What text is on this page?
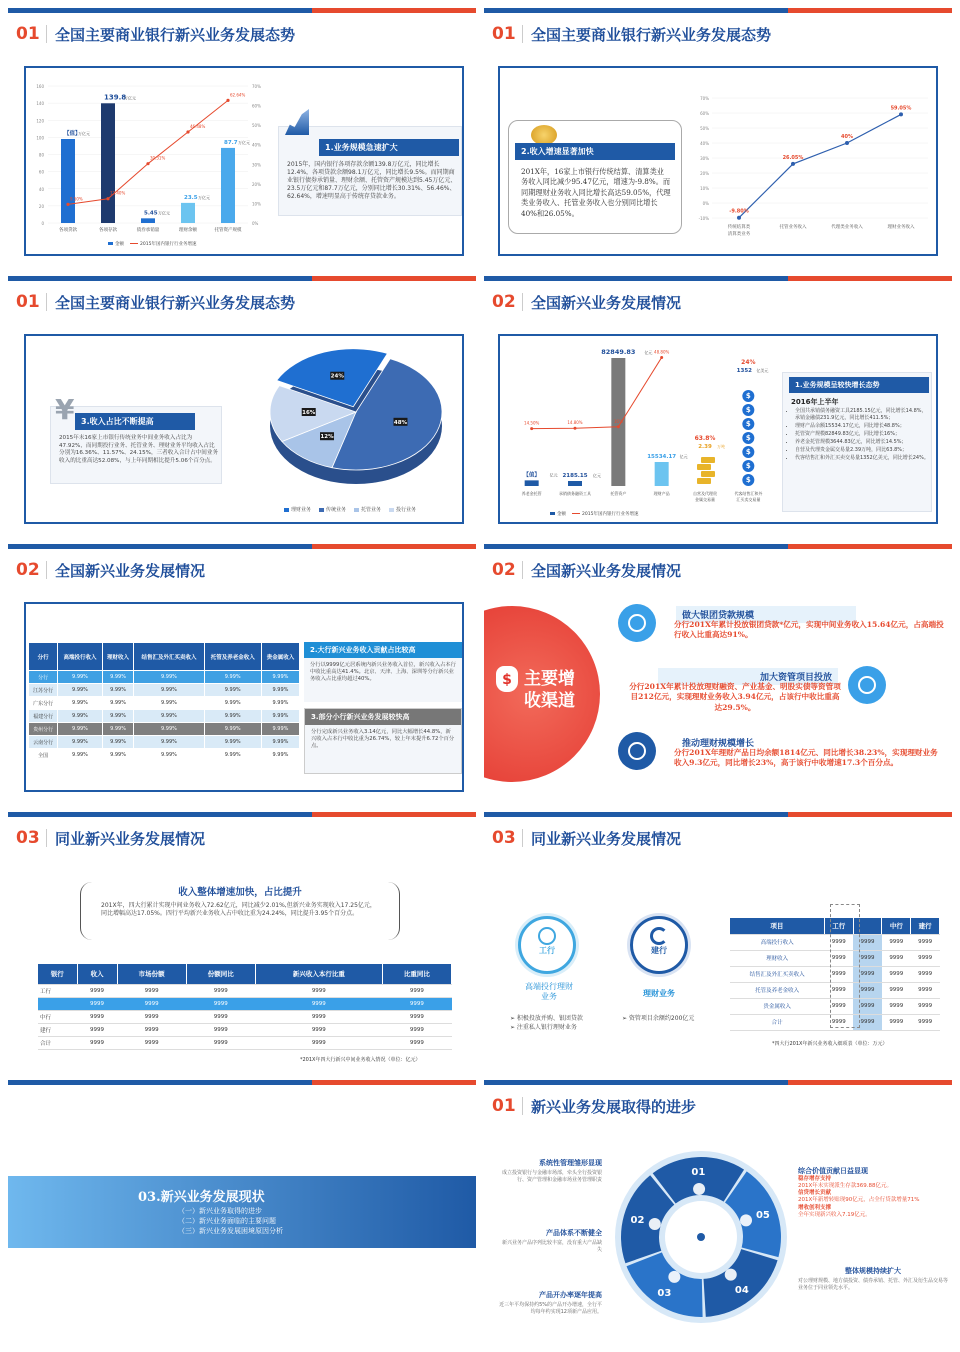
01	全国主要商业银行新兴业务发展态势
0
20
40
60
80
100
120
140
160
0%
10%
20%
30%
40%
50%
60%
70%
各项贷款
【值】
万亿元
各项存款
139.8
万亿元
债券承销量
5.45 万亿元
理财余额
23.5 万亿元
托管资产规模
87.7 万亿元
9.50%
12.40%
30.31%
46.48%
62.64%
金额	2015年国内银行行业务增速
1.业务规模急速扩大
2015年，国内银行各项存款余额139.8万亿元，同比增长12.4%，各项贷款余额98.1万亿元，同比增长9.5%。而同期商业银行债券承销量、理财余额、托管资产规模达到5.45万亿元、23.5万亿元和87.7万亿元，分别同比增长30.31%、56.46%、62.64%，增速明显高于传统存贷款业务。
01	全国主要商业银行新兴业务发展态势
2.收入增速显著加快
201X年，16家上市银行传统结算、清算类业务收入同比减少95.47亿元，增速为-9.8%。而同期理财业务收入同比增长高达59.05%，代理类业务收入、托管业务收入也分别同比增长40%和26.05%。
-10%
0%
10%
20%
30%
40%
50%
60%
70%
-9.80%
传统结算类
26.05%
托管业务收入
40%
代理类业务收入
59.05%
理财业务收入
清算类业务
01	全国主要商业银行新兴业务发展态势
¥ 3.收入占比不断提高
2015年末16家上市银行传统业务中间业务收入占比为47.92%，而同期投行业务、托管业务、理财业务平均收入占比分别为16.36%、11.57%、24.15%，三者收入合计占中间业务收入的比重高达52.08%，与上年同期相比提升5.06个百分点。
24%
48%
12%
16%
理财业务	传统业务	托管业务	投行业务
02	全国新兴业务发展情况
【值】 亿元 2185.15 亿元
82849.83 亿元
15534.17 亿元
14.50%	14.80%	16%
48.80%
63.8%
2.39 万吨
$
$
$
$
$
$
$
24%
1352 亿美元
养老金托管	承销债务融资工具	托管资产	理财产品	自营及代理贵金属交易量
代客结售汇和外汇买卖交易量
金额	2015年国内银行行业务增速
1.业务规模呈较快增长态势
2016年上半年
• 全国共承销债务融资工具2185.15亿元，同比增长14.8%，承销金融债231.9亿元，同比增长411.5%；
• 理财产品余额15534.17亿元，同比增长48.8%；
• 托管资产规模82849.83亿元，同比增长16%；
• 养老金托管规模3644.83亿元，同比增长14.5%；
• 自营及代理贵金属交易量2.39万吨，同比63.8%；
• 代客结售汇和外汇买卖交易量1352亿美元，同比增长24%。
02	全国新兴业务发展情况
分行	高端投行收入	理财收入	结售汇及外汇买卖收入	托管及养老金收入	贵金属收入
分行	9.99%	9.99%	9.99%	9.99%	9.99%
江苏分行	9.99%	9.99%	9.99%	9.99%	9.99%
广东分行	9.99%	9.99%	9.99%	9.99%	9.99%
福建分行	9.99%	9.99%	9.99%	9.99%	9.99%
贵州分行	9.99%	9.99%	9.99%	9.99%	9.99%
云南分行	9.99%	9.99%	9.99%	9.99%	9.99%
全国	9.99%	9.99%	9.99%	9.99%	9.99%
2.大行新兴业务收入贡献占比较高
分行以9999亿元居系统内新兴业务收入首位，新兴收入占本行中收比重高达41.4%。北京、天津、上海、深圳等分行新兴业务收入占比重均超过40%。
3.部分小行新兴业务发展较快高
分行完成新兴业务收入3.14亿元，同比大幅增长44.8%，新兴收入占本行中收比重为26.74%，较上年末提升6.72个百分点。
02	全国新兴业务发展情况
$ 主要增收渠道
做大银团贷款规模
分行201X年累计投放银团贷款*亿元，实现中间业务收入15.64亿元，占高端投行收入比重高达91%。
加大资管项目投放
分行201X年累计投放理财融资、产业基金、明股实债等资管项目212亿元，实现理财业务收入3.94亿元，占该行中收比重高达29.5%。
推动理财规模增长
分行201X年理财产品日均余额1814亿元、同比增长38.23%，实现理财业务收入9.3亿元，同比增长23%，高于该行中收增速17.3个百分点。
03	同业新兴业务发展情况
收入整体增速加快，占比提升
201X年，四大行累计实现中间业务收入72.62亿元，同比减少2.01%,但新兴业务实现收入17.25亿元，同比增幅高达17.05%。四行平均新兴业务收入占中收比重为24.24%，同比提升3.95个百分点。
银行	收入	市场份额	份额同比	新兴收入本行比重	比重同比
工行	9999	9999	9999	9999	9999
	9999	9999	9999	9999	9999
中行	9999	9999	9999	9999	9999
建行	9999	9999	9999	9999	9999
合计	9999	9999	9999	9999	9999
*201X年四大行新兴中间业务收入情况（单位：亿元）
03	同业新兴业务发展情况
工行
高端投行理财业务
建行
理财业务
➢ 积极投放并购、银团贷款
➢ 注重私人银行理财业务
➢ 资管项目余额约200亿元
项目	工行		中行	建行
高端投行收入	9999	9999	9999	9999
理财收入	9999	9999	9999	9999
结售汇及外汇买卖收入	9999	9999	9999	9999
托管及养老金收入	9999	9999	9999	9999
贵金属收入	9999	9999	9999	9999
合计	9999	9999	9999	9999
*四大行201X年新兴业务收入细项表（单位：万元）
03.新兴业务发展现状
（一）新兴业务取得的进步
（二）新兴业务面临的主要问题
（三）新兴业务发展困境原因分析
01	新兴业务发展取得的进步
01
05
04
03
02
系统性管理雏形显现
成立投资银行与金融市场部，牵头全行投资银行、资产管理和金融市场业务管理职责
产品体系不断健全
新兴业务产品序列比较丰富，没有重大产品缺失
产品开办率逐年提高
近三年平均保持约5%的产品开办增速，全行平均每年约实现12项新产品应用。
综合价值贡献日益显现
稳存增存支持
201X年末实现派生存款369.88亿元。
信贷增长贡献
201X年新增转贴现90亿元，占全行贷款增量71%
增收创利支撑
全年实现新兴收入7.19亿元。
整体规模持续扩大
对公理财规模、地方债投资、债券承销、托管、外汇及衍生品交易等业务位于同业领先水平。
